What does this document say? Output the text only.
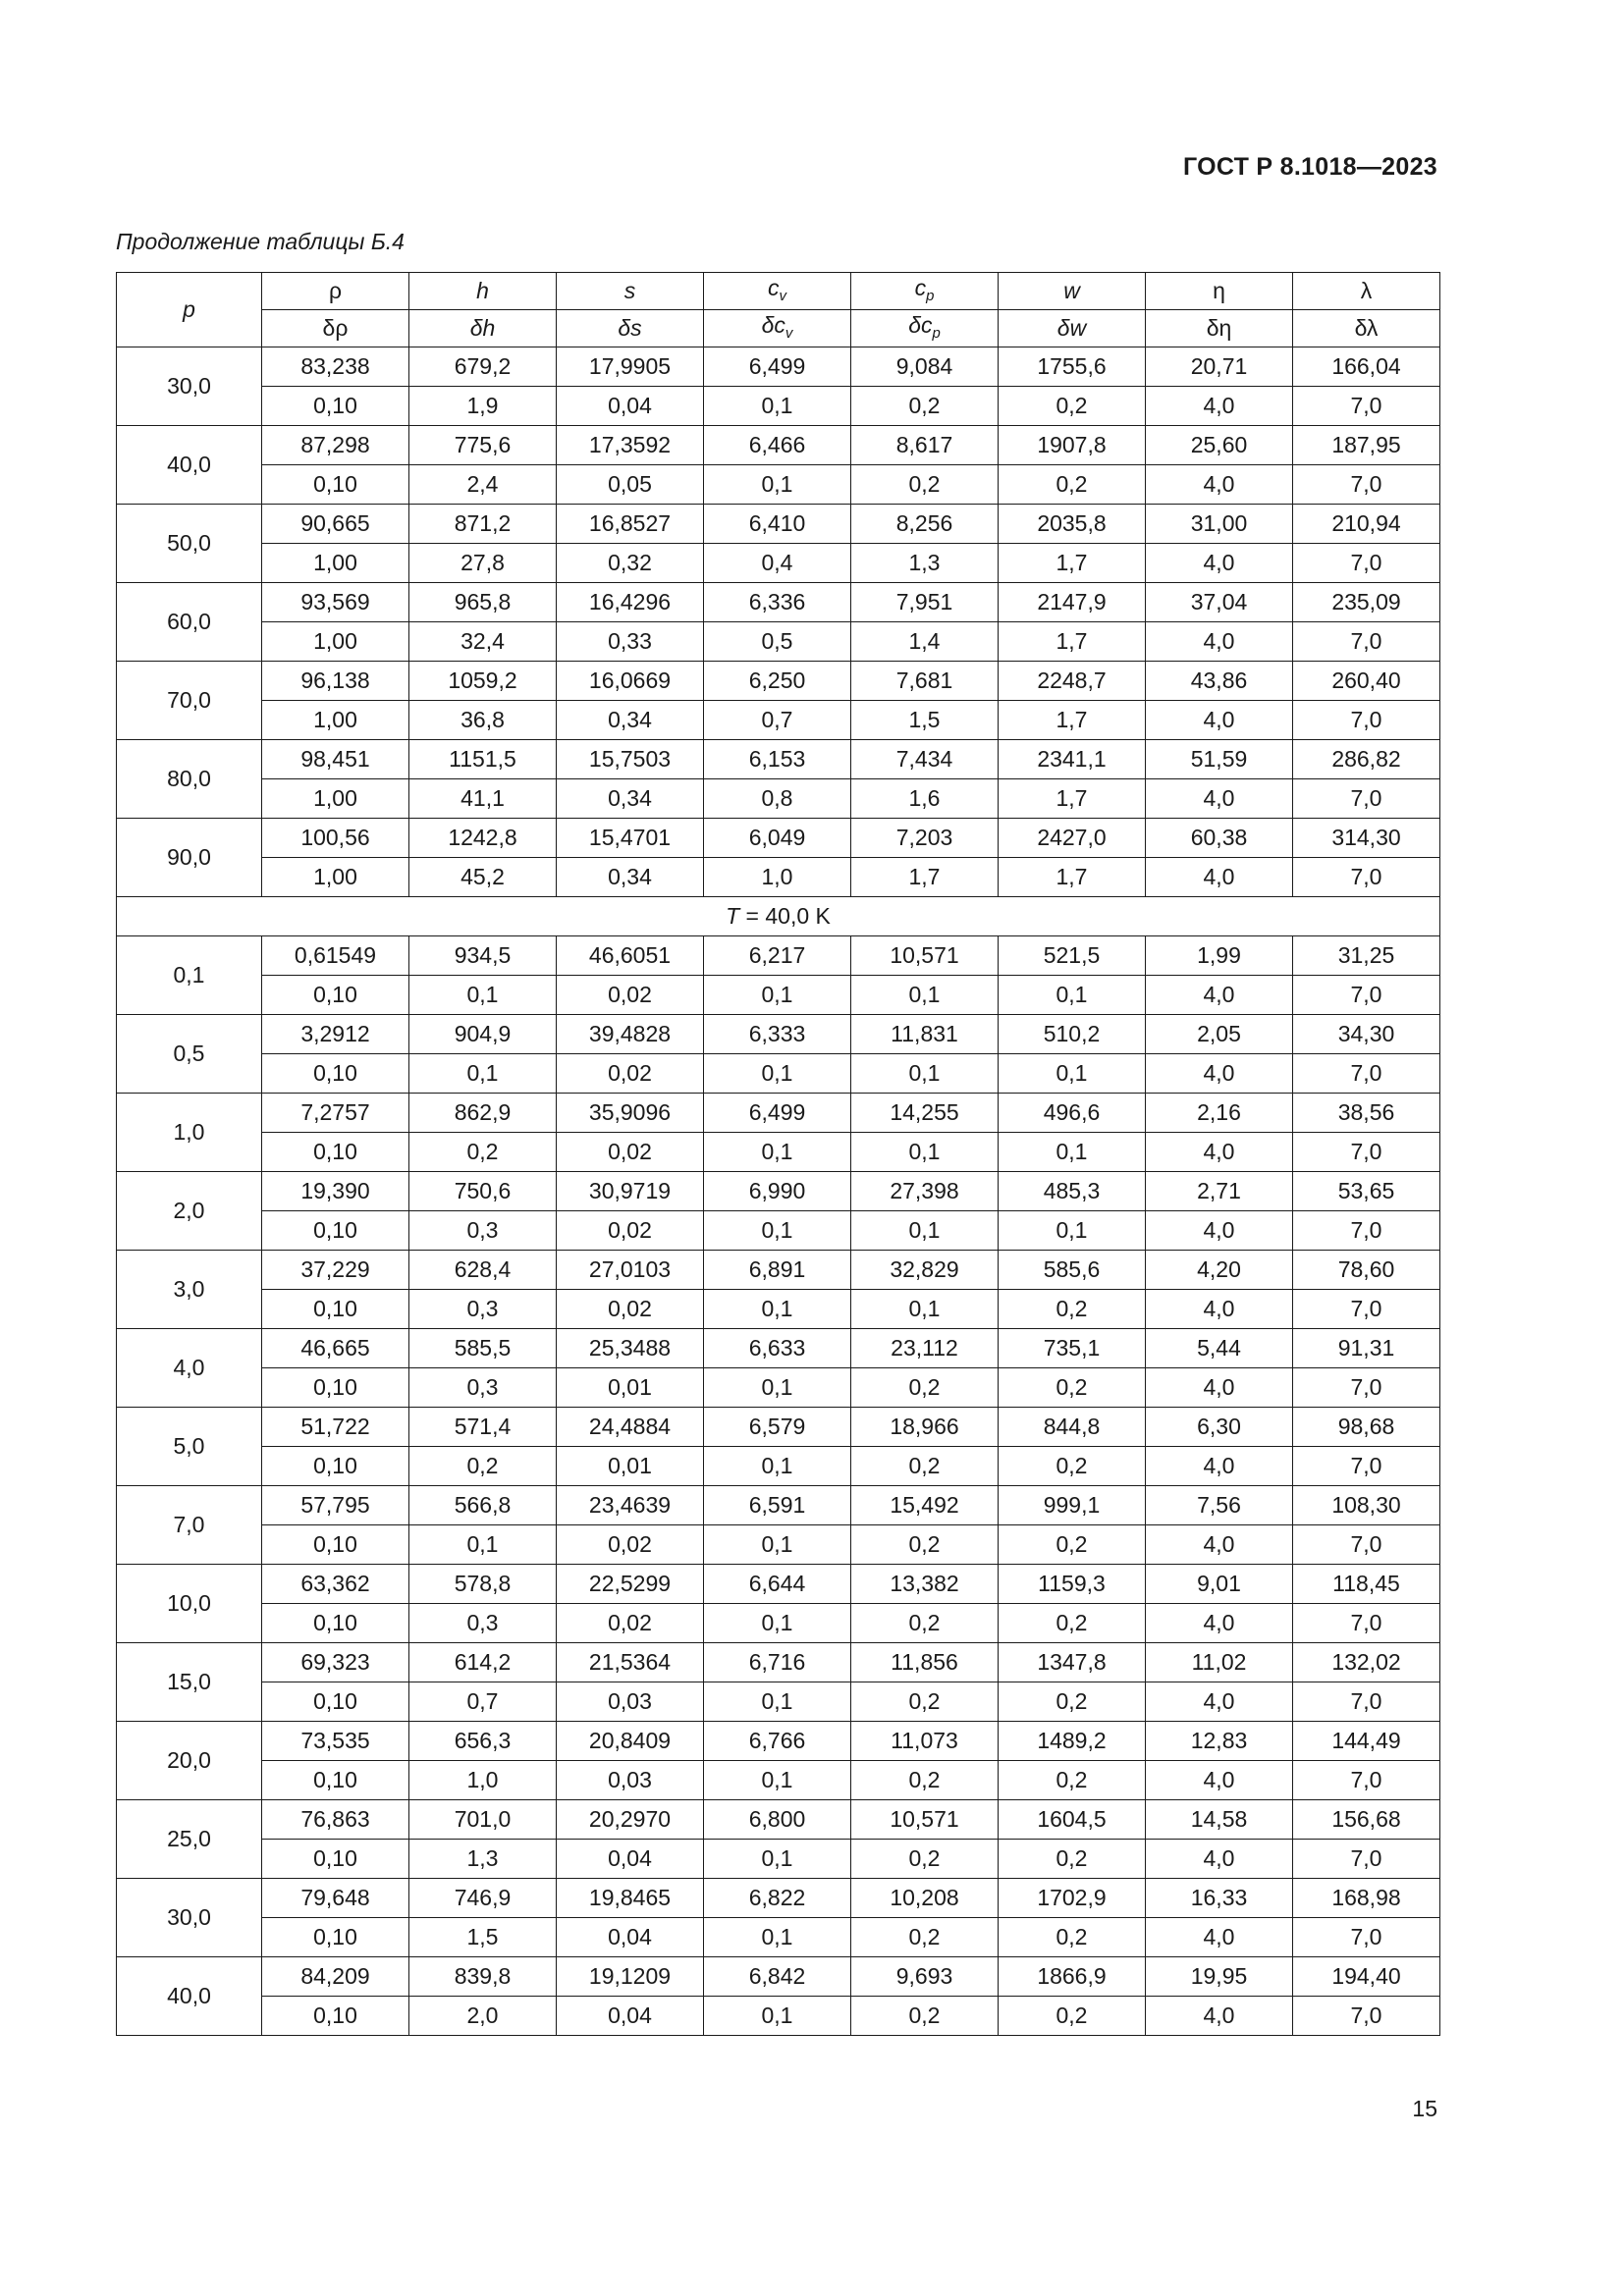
ГОСТ Р 8.1018—2023
Продолжение таблицы Б.4
p	ρ	h	s	$c_v$	$c_p$	w	η	λ
	δρ	δh	δs	$\delta c_v$	$\delta c_p$	δw	δη	δλ
30,0	83,238	679,2	17,9905	6,499	9,084	1755,6	20,71	166,04
	0,10	1,9	0,04	0,1	0,2	0,2	4,0	7,0
40,0	87,298	775,6	17,3592	6,466	8,617	1907,8	25,60	187,95
	0,10	2,4	0,05	0,1	0,2	0,2	4,0	7,0
50,0	90,665	871,2	16,8527	6,410	8,256	2035,8	31,00	210,94
	1,00	27,8	0,32	0,4	1,3	1,7	4,0	7,0
60,0	93,569	965,8	16,4296	6,336	7,951	2147,9	37,04	235,09
	1,00	32,4	0,33	0,5	1,4	1,7	4,0	7,0
70,0	96,138	1059,2	16,0669	6,250	7,681	2248,7	43,86	260,40
	1,00	36,8	0,34	0,7	1,5	1,7	4,0	7,0
80,0	98,451	1151,5	15,7503	6,153	7,434	2341,1	51,59	286,82
	1,00	41,1	0,34	0,8	1,6	1,7	4,0	7,0
90,0	100,56	1242,8	15,4701	6,049	7,203	2427,0	60,38	314,30
	1,00	45,2	0,34	1,0	1,7	1,7	4,0	7,0
T = 40,0 K								
0,1	0,61549	934,5	46,6051	6,217	10,571	521,5	1,99	31,25
	0,10	0,1	0,02	0,1	0,1	0,1	4,0	7,0
0,5	3,2912	904,9	39,4828	6,333	11,831	510,2	2,05	34,30
	0,10	0,1	0,02	0,1	0,1	0,1	4,0	7,0
1,0	7,2757	862,9	35,9096	6,499	14,255	496,6	2,16	38,56
	0,10	0,2	0,02	0,1	0,1	0,1	4,0	7,0
2,0	19,390	750,6	30,9719	6,990	27,398	485,3	2,71	53,65
	0,10	0,3	0,02	0,1	0,1	0,1	4,0	7,0
3,0	37,229	628,4	27,0103	6,891	32,829	585,6	4,20	78,60
	0,10	0,3	0,02	0,1	0,1	0,2	4,0	7,0
4,0	46,665	585,5	25,3488	6,633	23,112	735,1	5,44	91,31
	0,10	0,3	0,01	0,1	0,2	0,2	4,0	7,0
5,0	51,722	571,4	24,4884	6,579	18,966	844,8	6,30	98,68
	0,10	0,2	0,01	0,1	0,2	0,2	4,0	7,0
7,0	57,795	566,8	23,4639	6,591	15,492	999,1	7,56	108,30
	0,10	0,1	0,02	0,1	0,2	0,2	4,0	7,0
10,0	63,362	578,8	22,5299	6,644	13,382	1159,3	9,01	118,45
	0,10	0,3	0,02	0,1	0,2	0,2	4,0	7,0
15,0	69,323	614,2	21,5364	6,716	11,856	1347,8	11,02	132,02
	0,10	0,7	0,03	0,1	0,2	0,2	4,0	7,0
20,0	73,535	656,3	20,8409	6,766	11,073	1489,2	12,83	144,49
	0,10	1,0	0,03	0,1	0,2	0,2	4,0	7,0
25,0	76,863	701,0	20,2970	6,800	10,571	1604,5	14,58	156,68
	0,10	1,3	0,04	0,1	0,2	0,2	4,0	7,0
30,0	79,648	746,9	19,8465	6,822	10,208	1702,9	16,33	168,98
	0,10	1,5	0,04	0,1	0,2	0,2	4,0	7,0
40,0	84,209	839,8	19,1209	6,842	9,693	1866,9	19,95	194,40
	0,10	2,0	0,04	0,1	0,2	0,2	4,0	7,0
15
